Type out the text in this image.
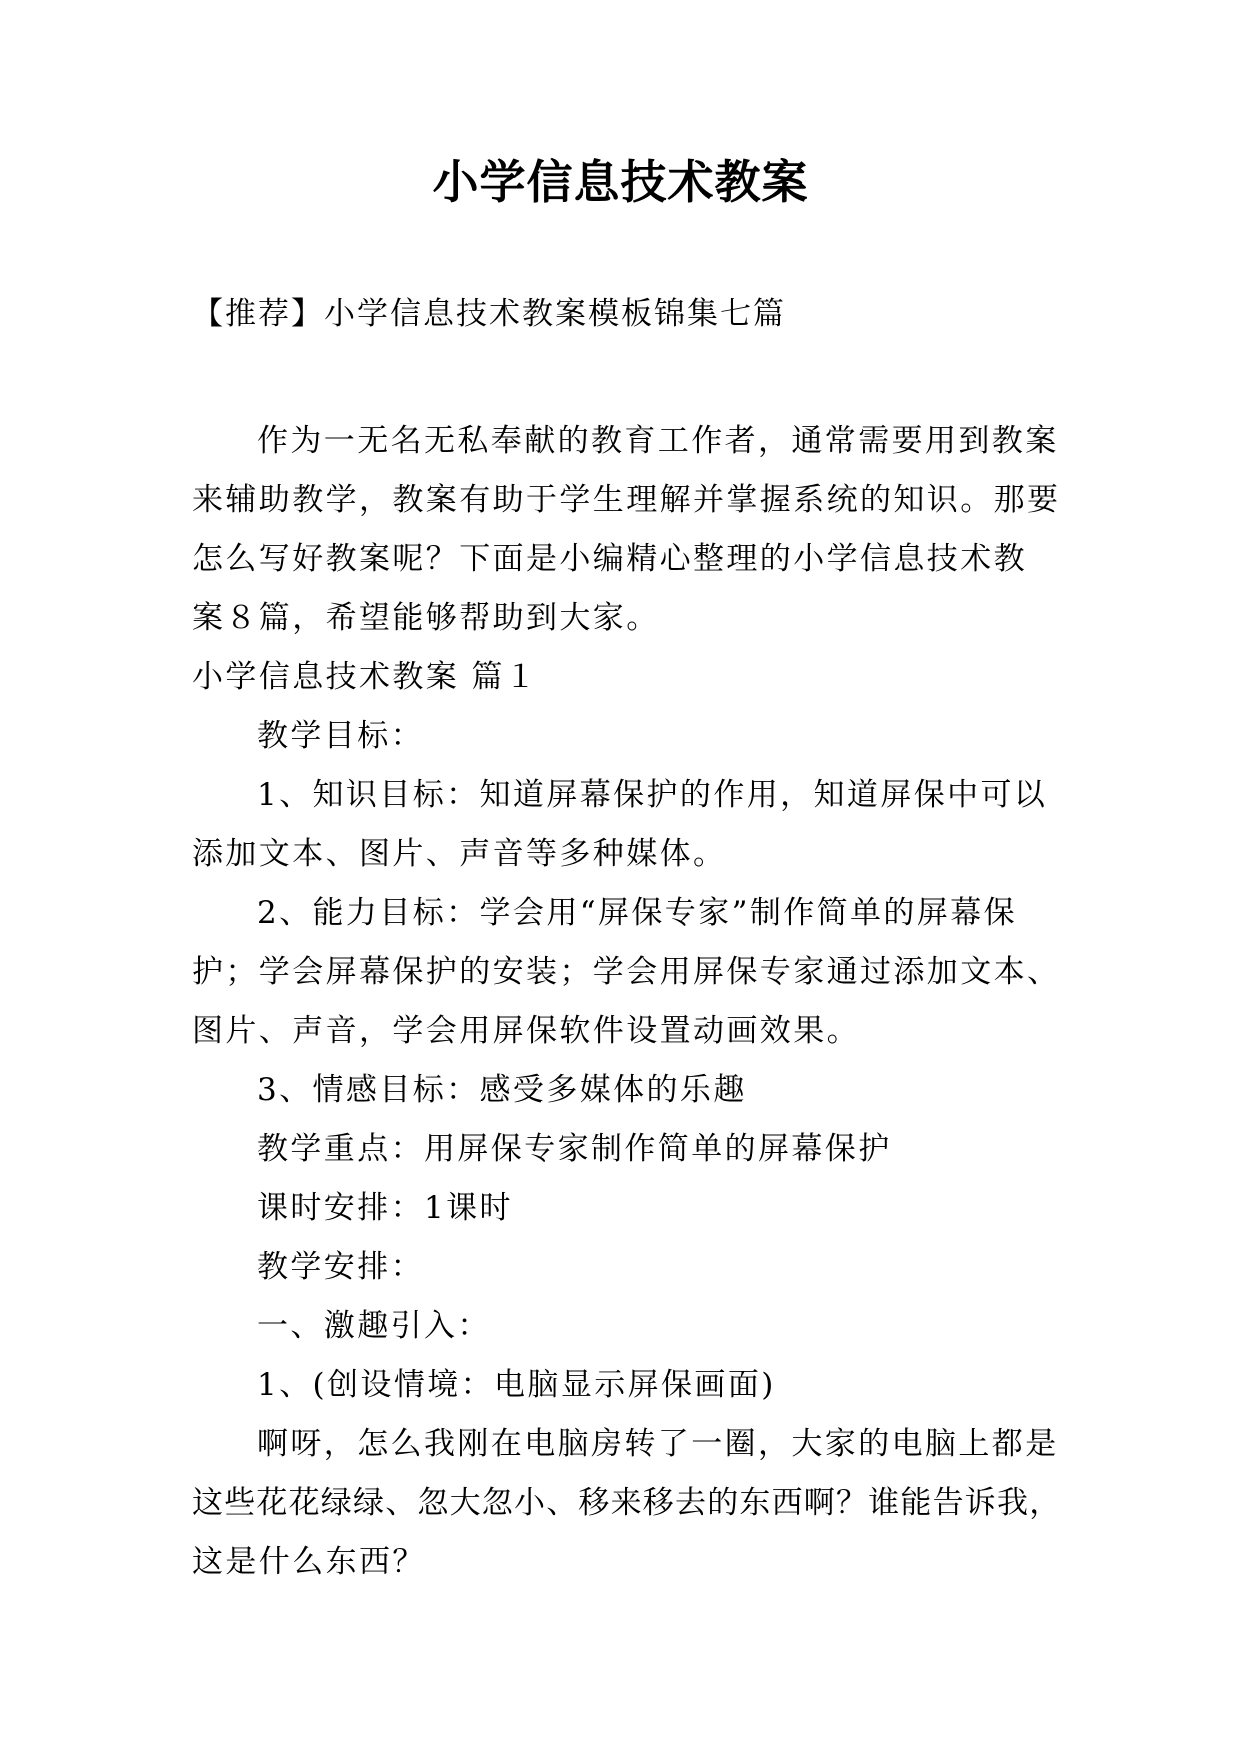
小学信息技术教案
【推荐】小学信息技术教案模板锦集七篇
作为一无名无私奉献的教育工作者，通常需要用到教案
来辅助教学，教案有助于学生理解并掌握系统的知识。那要
怎么写好教案呢？下面是小编精心整理的小学信息技术教
案８篇，希望能够帮助到大家。
小学信息技术教案 篇１
教学目标：
1、知识目标：知道屏幕保护的作用，知道屏保中可以
添加文本、图片、声音等多种媒体。
2、能力目标：学会用“屏保专家”制作简单的屏幕保
护；学会屏幕保护的安装；学会用屏保专家通过添加文本、
图片、声音，学会用屏保软件设置动画效果。
3、情感目标：感受多媒体的乐趣
教学重点：用屏保专家制作简单的屏幕保护
课时安排：1课时
教学安排：
一、激趣引入：
1、(创设情境：电脑显示屏保画面)
啊呀，怎么我刚在电脑房转了一圈，大家的电脑上都是
这些花花绿绿、忽大忽小、移来移去的东西啊？谁能告诉我，
这是什么东西？
